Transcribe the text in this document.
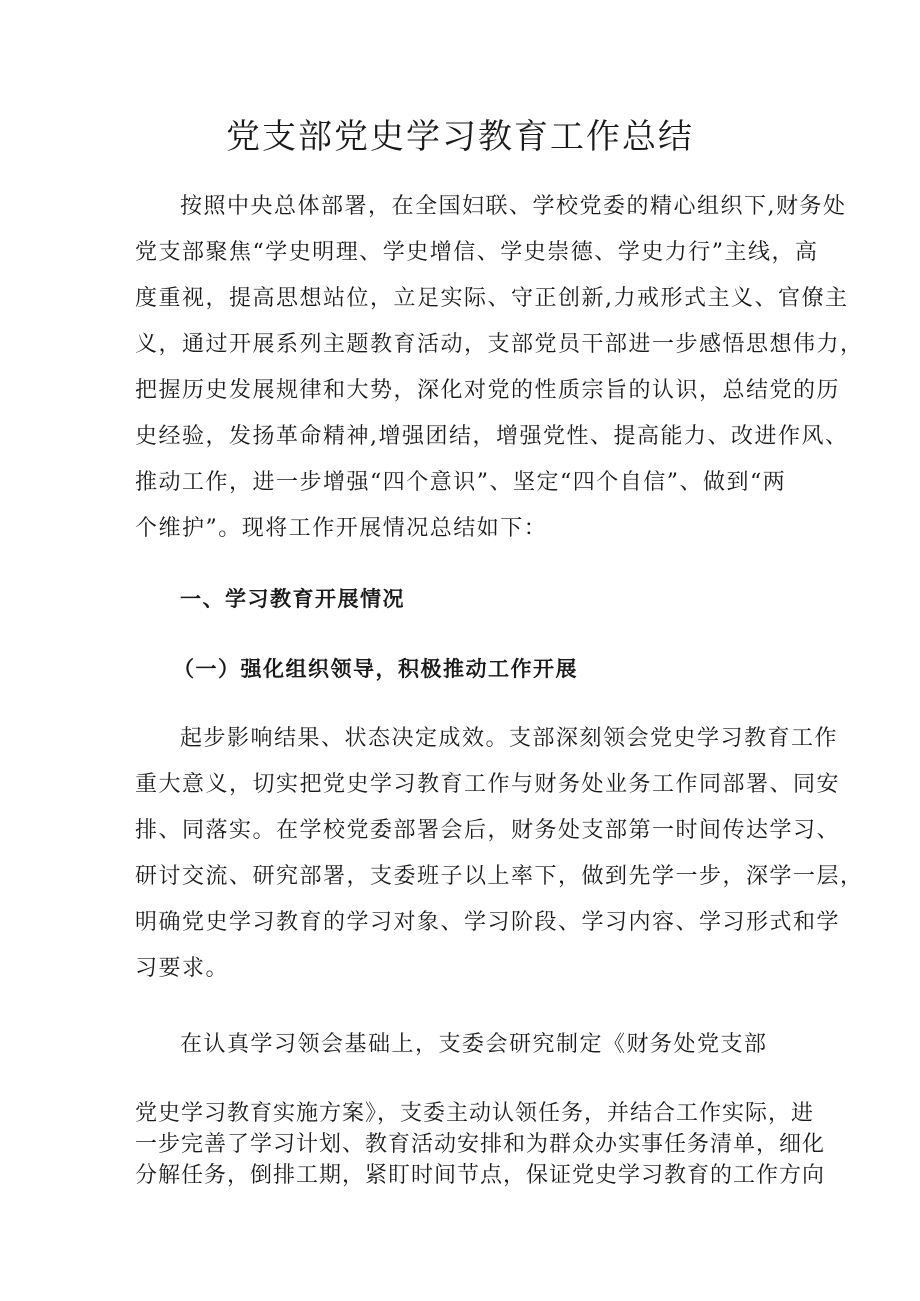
党支部党史学习教育工作总结
按照中央总体部署，在全国妇联、学校党委的精心组织下,财务处
党支部聚焦“学史明理、学史增信、学史崇德、学史力行”主线，高
度重视，提高思想站位，立足实际、守正创新,力戒形式主义、官僚主
义，通过开展系列主题教育活动，支部党员干部进一步感悟思想伟力，
把握历史发展规律和大势，深化对党的性质宗旨的认识，总结党的历
史经验，发扬革命精神,增强团结，增强党性、提高能力、改进作风、
推动工作，进一步增强“四个意识”、坚定“四个自信”、做到“两
个维护”。现将工作开展情况总结如下：
一、学习教育开展情况
（一）强化组织领导，积极推动工作开展
起步影响结果、状态决定成效。支部深刻领会党史学习教育工作
重大意义，切实把党史学习教育工作与财务处业务工作同部署、同安
排、同落实。在学校党委部署会后，财务处支部第一时间传达学习、
研讨交流、研究部署，支委班子以上率下，做到先学一步，深学一层，
明确党史学习教育的学习对象、学习阶段、学习内容、学习形式和学
习要求。
在认真学习领会基础上，支委会研究制定《财务处党支部
党史学习教育实施方案》，支委主动认领任务，并结合工作实际，进
一步完善了学习计划、教育活动安排和为群众办实事任务清单，细化
分解任务，倒排工期，紧盯时间节点，保证党史学习教育的工作方向
